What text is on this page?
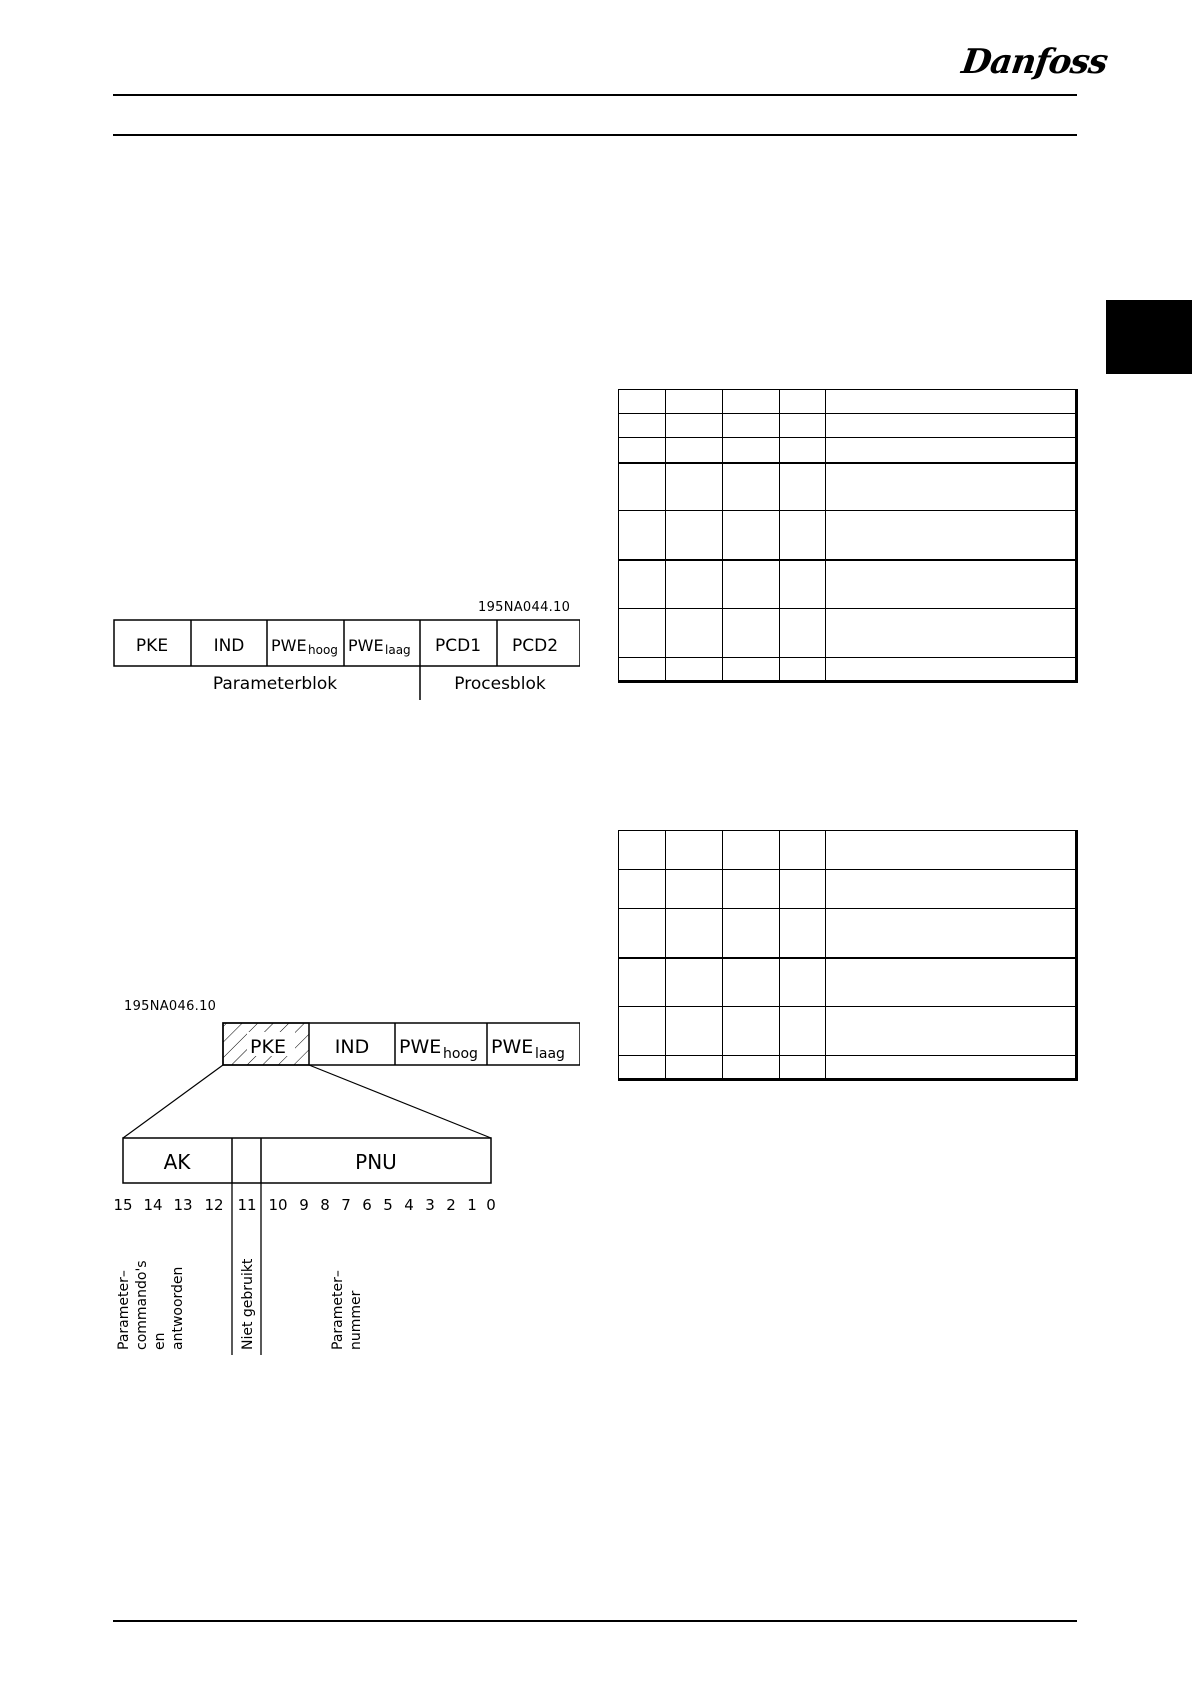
Danfoss
195NA044.10
PKE	IND PWE hoog PWE laag PCD1 PCD2
Parameterblok	Procesblok
195NA046.10
PKE	IND PWE hoog PWE laag
AK	PNU
15 14 13 12 11 10 9 8 7 6 5 4 3 2 1 0
Parameter– commando's en antwoorden	Niet gebruikt	Parameter– nummer
